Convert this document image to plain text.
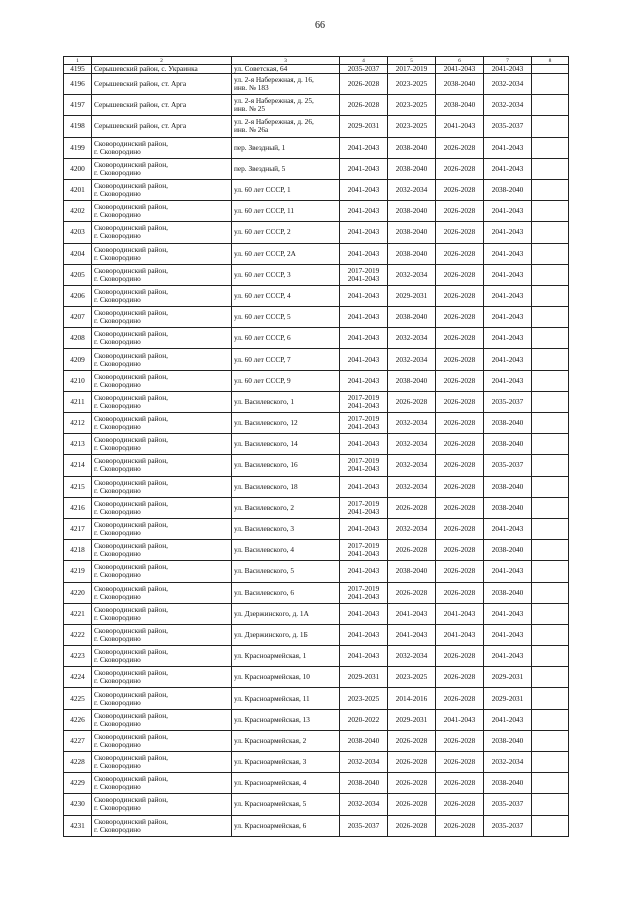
66
1	2	3	4	5	6	7	8
4195	Серышевский район, с. Украинка	ул. Советская, 64	2035-2037	2017-2019	2041-2043	2041-2043	
4196	Серышевский район, ст. Арга	ул. 2-я Набережная, д. 16,
инв. № 183	2026-2028	2023-2025	2038-2040	2032-2034	
4197	Серышевский район, ст. Арга	ул. 2-я Набережная, д. 25,
инв. № 25	2026-2028	2023-2025	2038-2040	2032-2034	
4198	Серышевский район, ст. Арга	ул. 2-я Набережная, д. 26,
инв. № 26а	2029-2031	2023-2025	2041-2043	2035-2037	
4199	Сковородинский район,
г. Сковородино	пер. Звездный, 1	2041-2043	2038-2040	2026-2028	2041-2043	
4200	Сковородинский район,
г. Сковородино	пер. Звездный, 5	2041-2043	2038-2040	2026-2028	2041-2043	
4201	Сковородинский район,
г. Сковородино	ул. 60 лет СССР, 1	2041-2043	2032-2034	2026-2028	2038-2040	
4202	Сковородинский район,
г. Сковородино	ул. 60 лет СССР, 11	2041-2043	2038-2040	2026-2028	2041-2043	
4203	Сковородинский район,
г. Сковородино	ул. 60 лет СССР, 2	2041-2043	2038-2040	2026-2028	2041-2043	
4204	Сковородинский район,
г. Сковородино	ул. 60 лет СССР, 2А	2041-2043	2038-2040	2026-2028	2041-2043	
4205	Сковородинский район,
г. Сковородино	ул. 60 лет СССР, 3	2017-2019
2041-2043	2032-2034	2026-2028	2041-2043	
4206	Сковородинский район,
г. Сковородино	ул. 60 лет СССР, 4	2041-2043	2029-2031	2026-2028	2041-2043	
4207	Сковородинский район,
г. Сковородино	ул. 60 лет СССР, 5	2041-2043	2038-2040	2026-2028	2041-2043	
4208	Сковородинский район,
г. Сковородино	ул. 60 лет СССР, 6	2041-2043	2032-2034	2026-2028	2041-2043	
4209	Сковородинский район,
г. Сковородино	ул. 60 лет СССР, 7	2041-2043	2032-2034	2026-2028	2041-2043	
4210	Сковородинский район,
г. Сковородино	ул. 60 лет СССР, 9	2041-2043	2038-2040	2026-2028	2041-2043	
4211	Сковородинский район,
г. Сковородино	ул. Василевского, 1	2017-2019
2041-2043	2026-2028	2026-2028	2035-2037	
4212	Сковородинский район,
г. Сковородино	ул. Василевского, 12	2017-2019
2041-2043	2032-2034	2026-2028	2038-2040	
4213	Сковородинский район,
г. Сковородино	ул. Василевского, 14	2041-2043	2032-2034	2026-2028	2038-2040	
4214	Сковородинский район,
г. Сковородино	ул. Василевского, 16	2017-2019
2041-2043	2032-2034	2026-2028	2035-2037	
4215	Сковородинский район,
г. Сковородино	ул. Василевского, 18	2041-2043	2032-2034	2026-2028	2038-2040	
4216	Сковородинский район,
г. Сковородино	ул. Василевского, 2	2017-2019
2041-2043	2026-2028	2026-2028	2038-2040	
4217	Сковородинский район,
г. Сковородино	ул. Василевского, 3	2041-2043	2032-2034	2026-2028	2041-2043	
4218	Сковородинский район,
г. Сковородино	ул. Василевского, 4	2017-2019
2041-2043	2026-2028	2026-2028	2038-2040	
4219	Сковородинский район,
г. Сковородино	ул. Василевского, 5	2041-2043	2038-2040	2026-2028	2041-2043	
4220	Сковородинский район,
г. Сковородино	ул. Василевского, 6	2017-2019
2041-2043	2026-2028	2026-2028	2038-2040	
4221	Сковородинский район,
г. Сковородино	ул. Дзержинского, д. 1А	2041-2043	2041-2043	2041-2043	2041-2043	
4222	Сковородинский район,
г. Сковородино	ул. Дзержинского, д. 1Б	2041-2043	2041-2043	2041-2043	2041-2043	
4223	Сковородинский район,
г. Сковородино	ул. Красноармейская, 1	2041-2043	2032-2034	2026-2028	2041-2043	
4224	Сковородинский район,
г. Сковородино	ул. Красноармейская, 10	2029-2031	2023-2025	2026-2028	2029-2031	
4225	Сковородинский район,
г. Сковородино	ул. Красноармейская, 11	2023-2025	2014-2016	2026-2028	2029-2031	
4226	Сковородинский район,
г. Сковородино	ул. Красноармейская, 13	2020-2022	2029-2031	2041-2043	2041-2043	
4227	Сковородинский район,
г. Сковородино	ул. Красноармейская, 2	2038-2040	2026-2028	2026-2028	2038-2040	
4228	Сковородинский район,
г. Сковородино	ул. Красноармейская, 3	2032-2034	2026-2028	2026-2028	2032-2034	
4229	Сковородинский район,
г. Сковородино	ул. Красноармейская, 4	2038-2040	2026-2028	2026-2028	2038-2040	
4230	Сковородинский район,
г. Сковородино	ул. Красноармейская, 5	2032-2034	2026-2028	2026-2028	2035-2037	
4231	Сковородинский район,
г. Сковородино	ул. Красноармейская, 6	2035-2037	2026-2028	2026-2028	2035-2037	
